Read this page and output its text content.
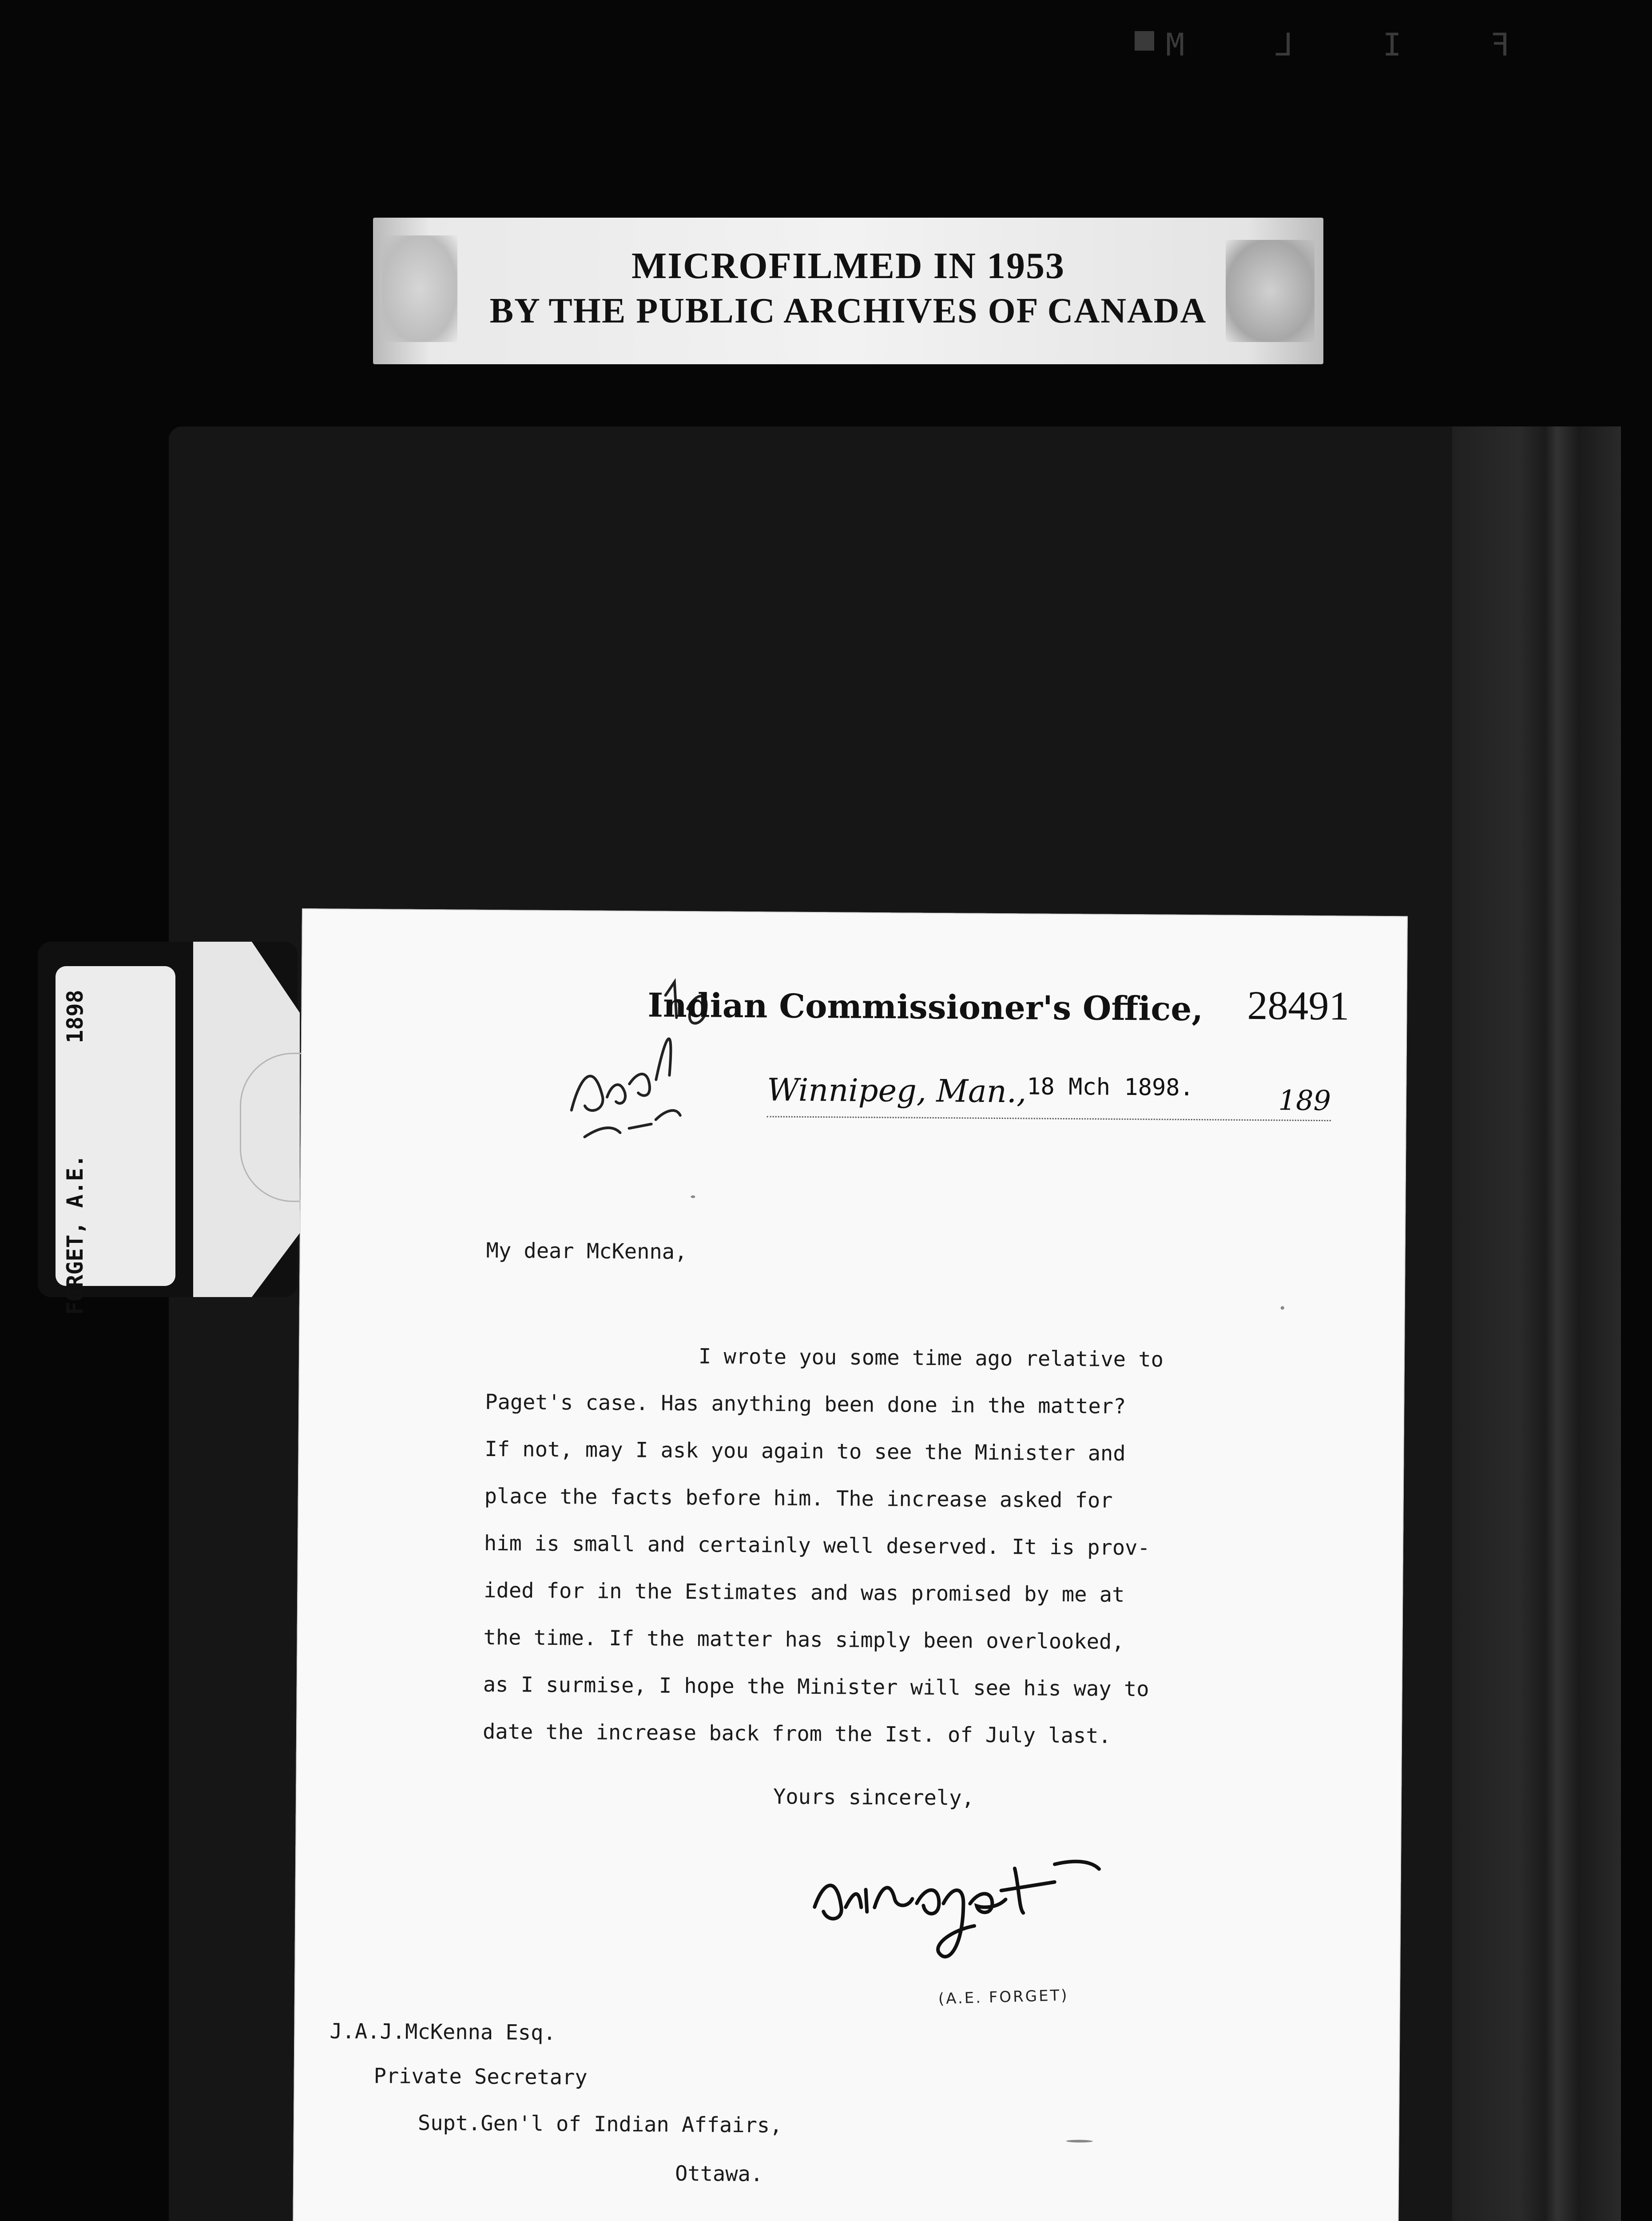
F I L M
MICROFILMED IN 1953
BY THE PUBLIC ARCHIVES OF CANADA
FORGET, A.E. 1898	Ansd 22-3-98 Indian Commissioner's Office, 28491
Winnipeg, Man., 18 Mch 1898.	189
My dear McKenna,
I wrote you some time ago relative to
Paget's case. Has anything been done in the matter?
If not, may I ask you again to see the Minister and
place the facts before him. The increase asked for
him is small and certainly well deserved. It is prov-
ided for in the Estimates and was promised by me at
the time. If the matter has simply been overlooked,
as I surmise, I hope the Minister will see his way to
date the increase back from the Ist. of July last.
Yours sincerely,
A E Forget
(A.E. FORGET)
J.A.J.McKenna Esq.
Private Secretary
Supt.Gen'l of Indian Affairs,
Ottawa.
